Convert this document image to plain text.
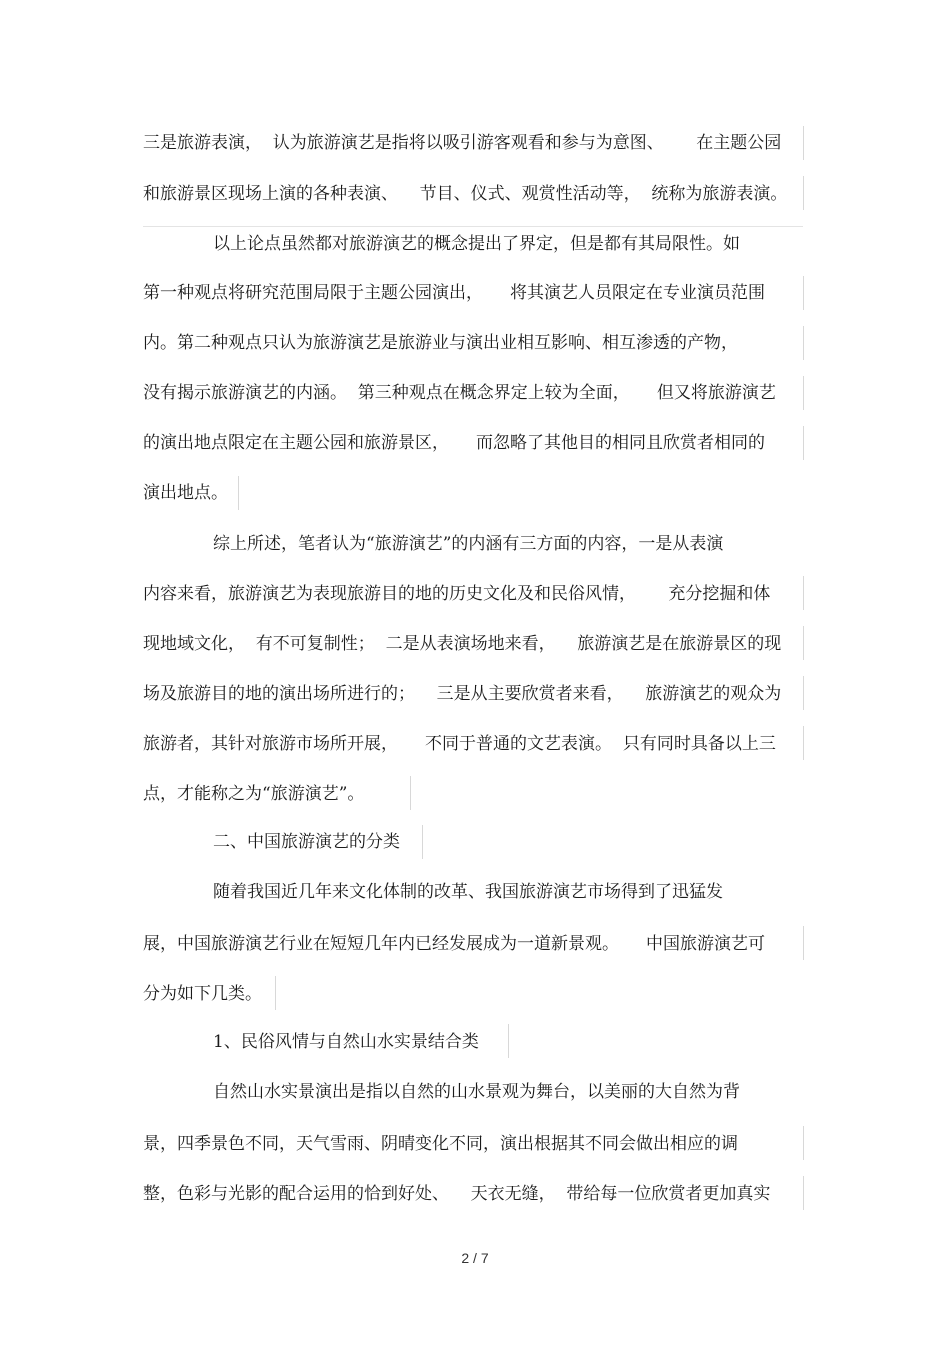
三是旅游表演，  认为旅游演艺是指将以吸引游客观看和参与为意图、      在主题公园
和旅游景区现场上演的各种表演、    节目、仪式、观赏性活动等，  统称为旅游表演。
以上论点虽然都对旅游演艺的概念提出了界定，但是都有其局限性。如
第一种观点将研究范围局限于主题公园演出，     将其演艺人员限定在专业演员范围
内。第二种观点只认为旅游演艺是旅游业与演出业相互影响、相互渗透的产物，
没有揭示旅游演艺的内涵。  第三种观点在概念界定上较为全面，     但又将旅游演艺
的演出地点限定在主题公园和旅游景区，     而忽略了其他目的相同且欣赏者相同的
演出地点。
综上所述，笔者认为“旅游演艺”的内涵有三方面的内容，一是从表演
内容来看，旅游演艺为表现旅游目的地的历史文化及和民俗风情，      充分挖掘和体
现地域文化，  有不可复制性；  二是从表演场地来看，    旅游演艺是在旅游景区的现
场及旅游目的地的演出场所进行的；    三是从主要欣赏者来看，    旅游演艺的观众为
旅游者，其针对旅游市场所开展，     不同于普通的文艺表演。  只有同时具备以上三
点，才能称之为“旅游演艺”。
二、中国旅游演艺的分类
随着我国近几年来文化体制的改革、我国旅游演艺市场得到了迅猛发
展，中国旅游演艺行业在短短几年内已经发展成为一道新景观。     中国旅游演艺可
分为如下几类。
1、民俗风情与自然山水实景结合类
自然山水实景演出是指以自然的山水景观为舞台，以美丽的大自然为背
景，四季景色不同，天气雪雨、阴晴变化不同，演出根据其不同会做出相应的调
整，色彩与光影的配合运用的恰到好处、    天衣无缝，  带给每一位欣赏者更加真实
2 / 7
